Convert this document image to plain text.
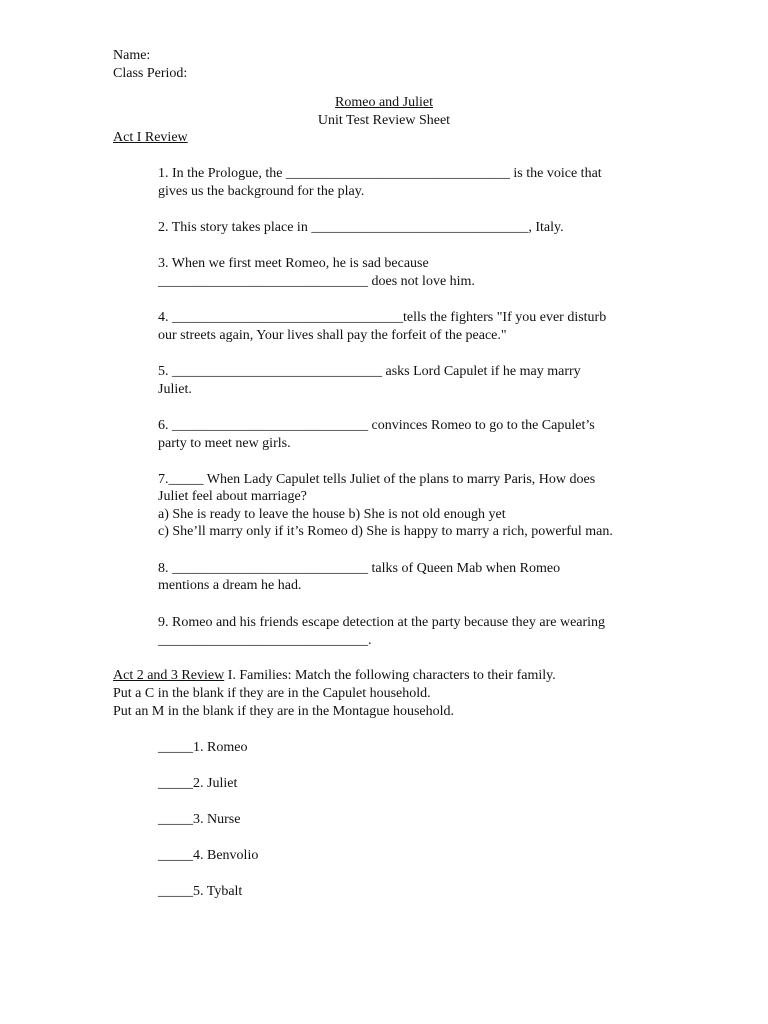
Name:
Class Period:
Romeo and Juliet
Unit Test Review Sheet
Act I Review
1. In the Prologue, the ________________________________ is the voice that
gives us the background for the play.
2. This story takes place in _______________________________, Italy.
3. When we first meet Romeo, he is sad because
______________________________ does not love him.
4. _________________________________tells the fighters "If you ever disturb
our streets again, Your lives shall pay the forfeit of the peace."
5. ______________________________ asks Lord Capulet if he may marry
Juliet.
6. ____________________________ convinces Romeo to go to the Capulet’s
party to meet new girls.
7._____ When Lady Capulet tells Juliet of the plans to marry Paris, How does
Juliet feel about marriage?
a) She is ready to leave the house b) She is not old enough yet
c) She’ll marry only if it’s Romeo d) She is happy to marry a rich, powerful man.
8. ____________________________ talks of Queen Mab when Romeo
mentions a dream he had.
9. Romeo and his friends escape detection at the party because they are wearing
______________________________.
Act 2 and 3 Review I. Families: Match the following characters to their family.
Put a C in the blank if they are in the Capulet household.
Put an M in the blank if they are in the Montague household.
_____1. Romeo
_____2. Juliet
_____3. Nurse
_____4. Benvolio
_____5. Tybalt
